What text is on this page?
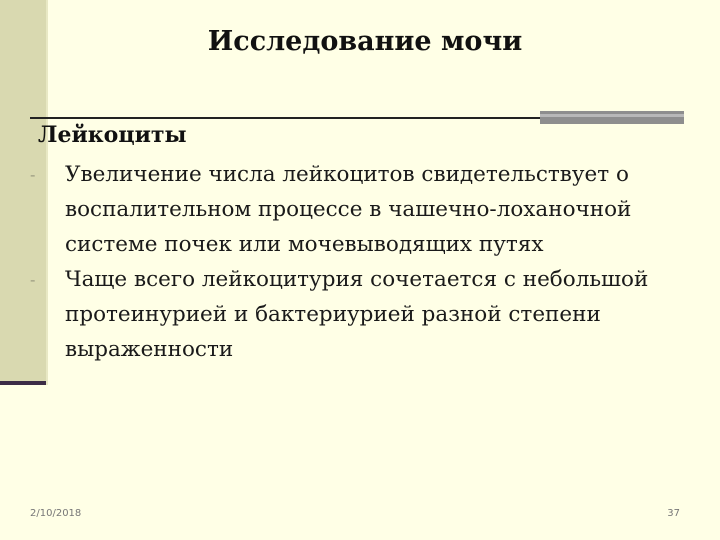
Исследование мочи
Лейкоциты
-	Увеличение числа лейкоцитов свидетельствует о воспалительном процессе в чашечно-лоханочной системе почек или мочевыводящих путях
-	Чаще всего лейкоцитурия сочетается с небольшой протеинурией и бактериурией разной степени выраженности
2/10/2018	37
